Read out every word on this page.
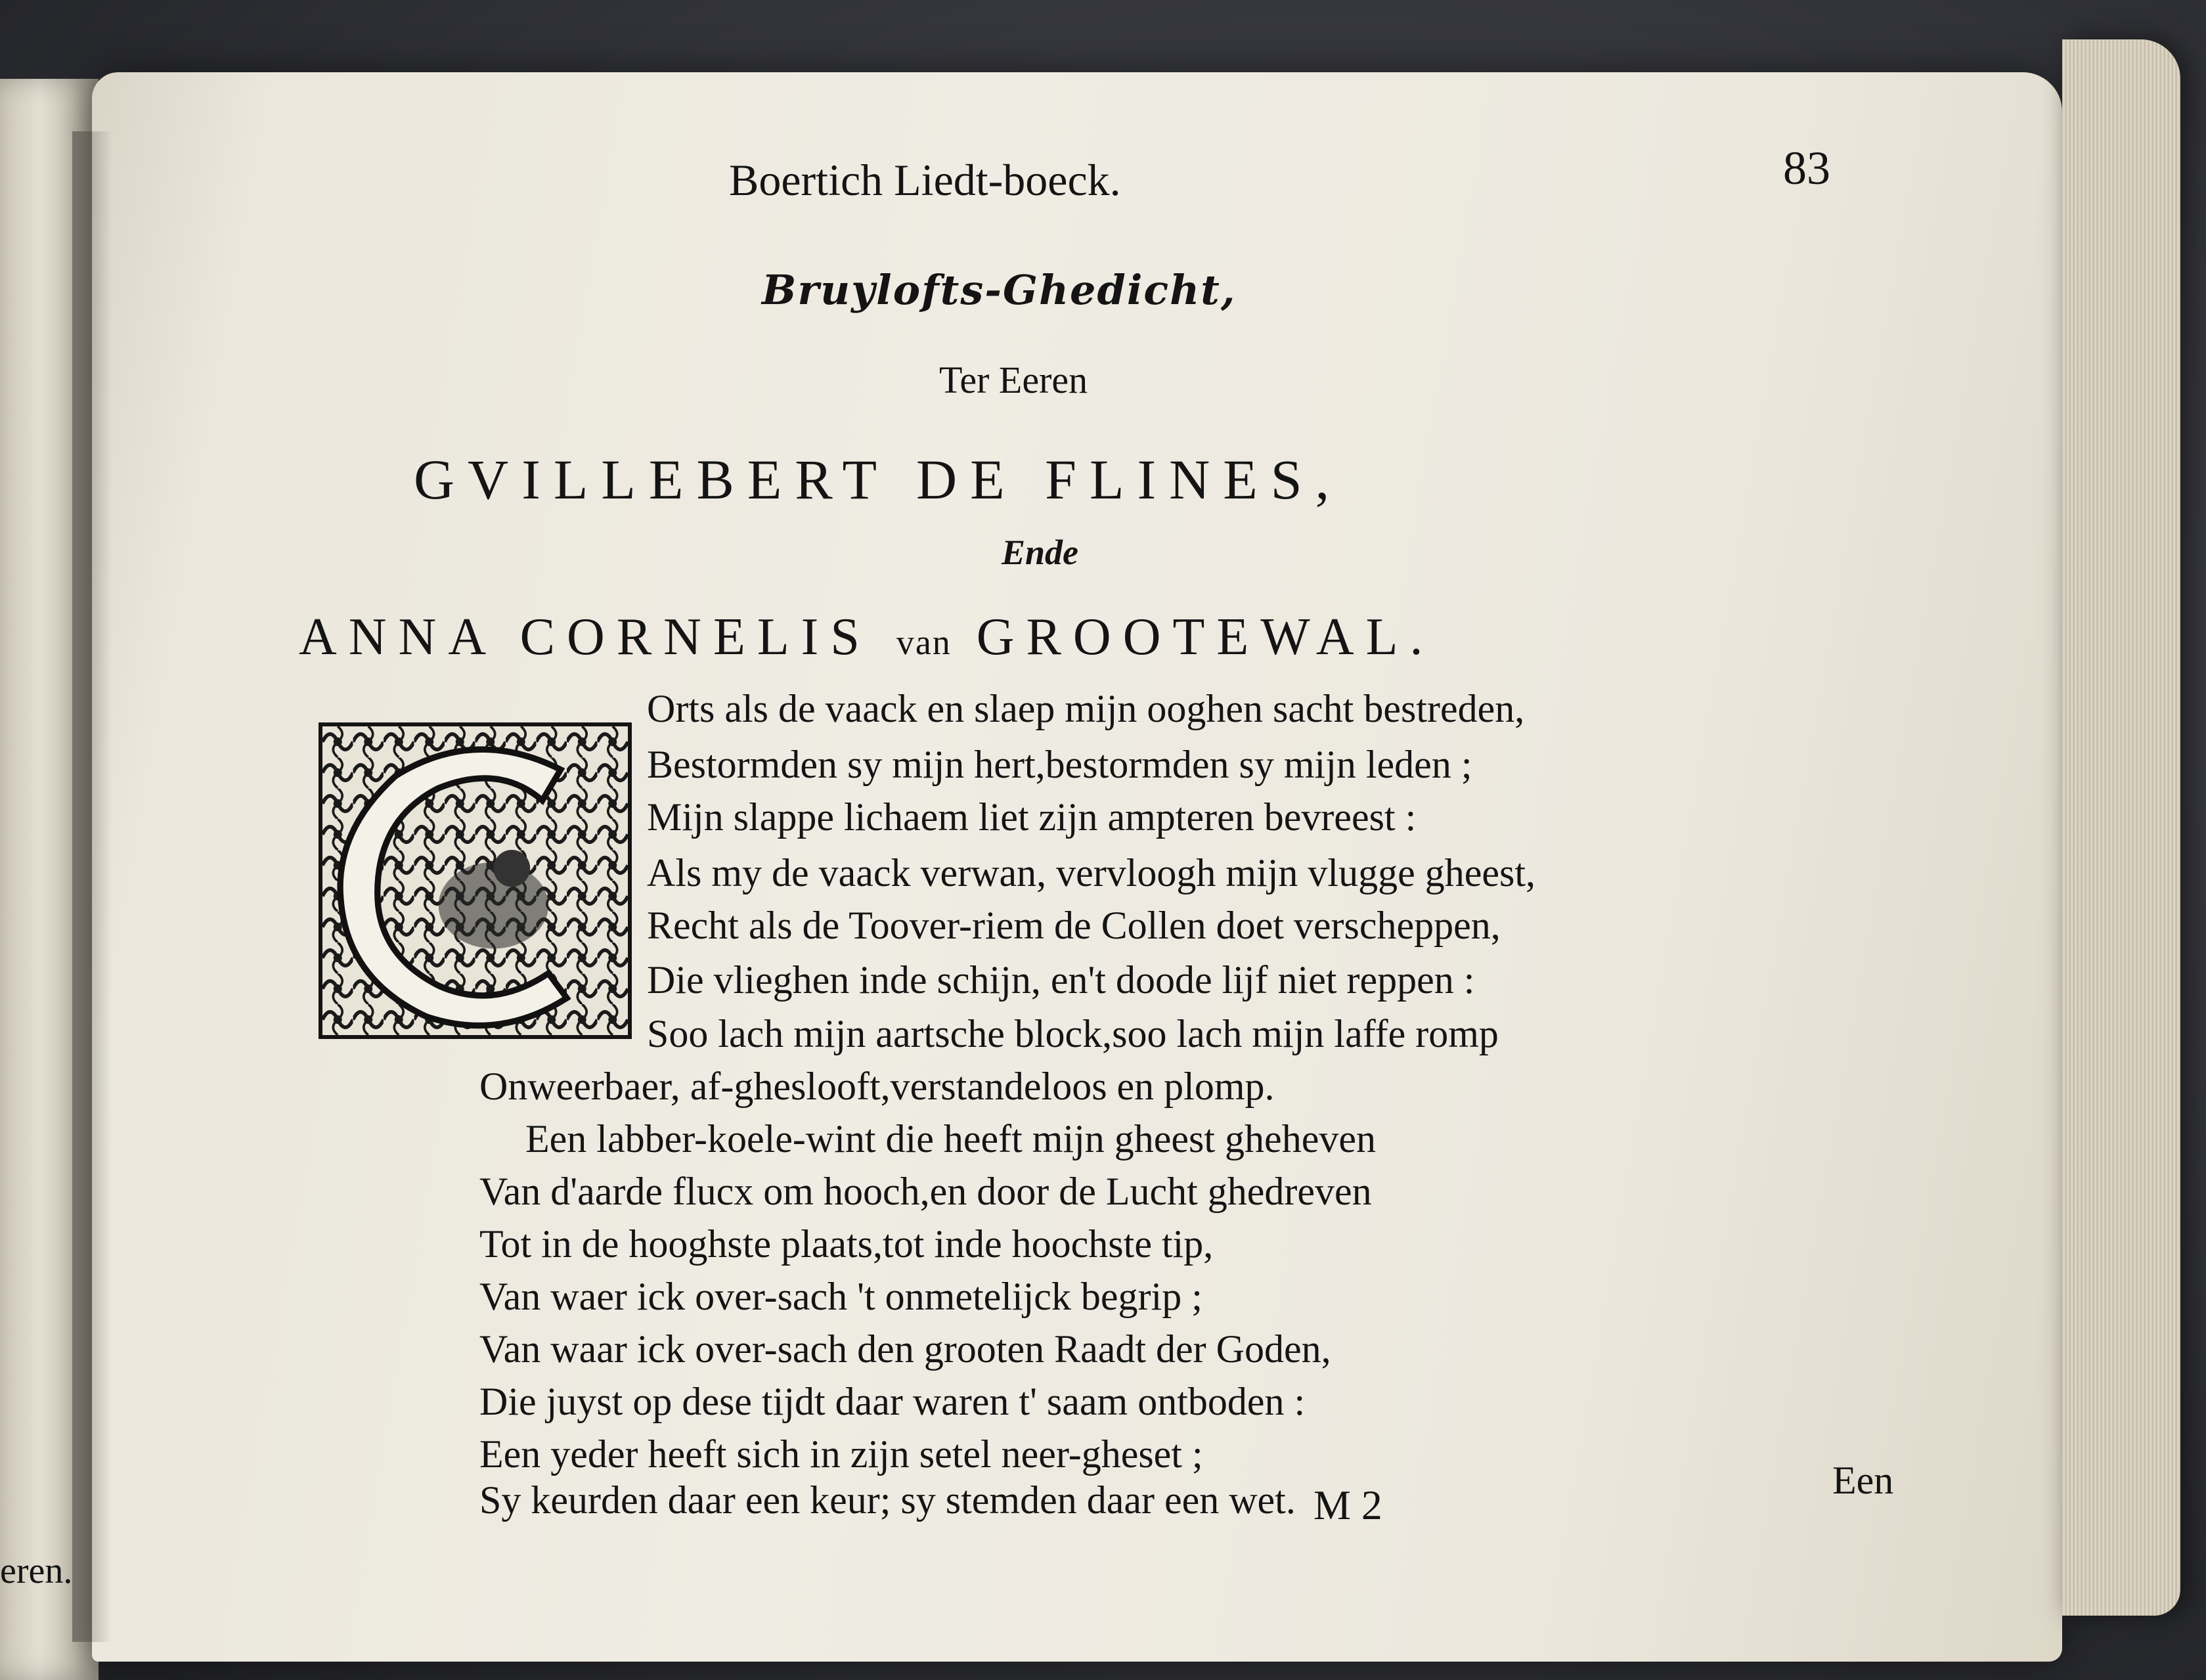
eren.
Boertich Liedt-boeck.	83
Bruylofts-Ghedicht,
Ter Eeren
GVILLEBERT DE FLINES,
Ende
ANNA CORNELIS van GROOTEWAL.
Orts als de vaack en slaep mijn ooghen sacht bestreden,
Bestormden sy mijn hert,bestormden sy mijn leden ;
Mijn slappe lichaem liet zijn ampteren bevreest :
Als my de vaack verwan, vervloogh mijn vlugge gheest,
Recht als de Toover-riem de Collen doet verscheppen,
Die vlieghen inde schijn, en't doode lijf niet reppen :
Soo lach mijn aartsche block,soo lach mijn laffe romp
Onweerbaer, af-gheslooft,verstandeloos en plomp.
Een labber-koele-wint die heeft mijn gheest gheheven
Van d'aarde flucx om hooch,en door de Lucht ghedreven
Tot in de hooghste plaats,tot inde hoochste tip,
Van waer ick over-sach 't onmetelijck begrip ;
Van waar ick over-sach den grooten Raadt der Goden,
Die juyst op dese tijdt daar waren t' saam ontboden :
Een yeder heeft sich in zijn setel neer-gheset ;
Sy keurden daar een keur; sy stemden daar een wet. M 2
Een
